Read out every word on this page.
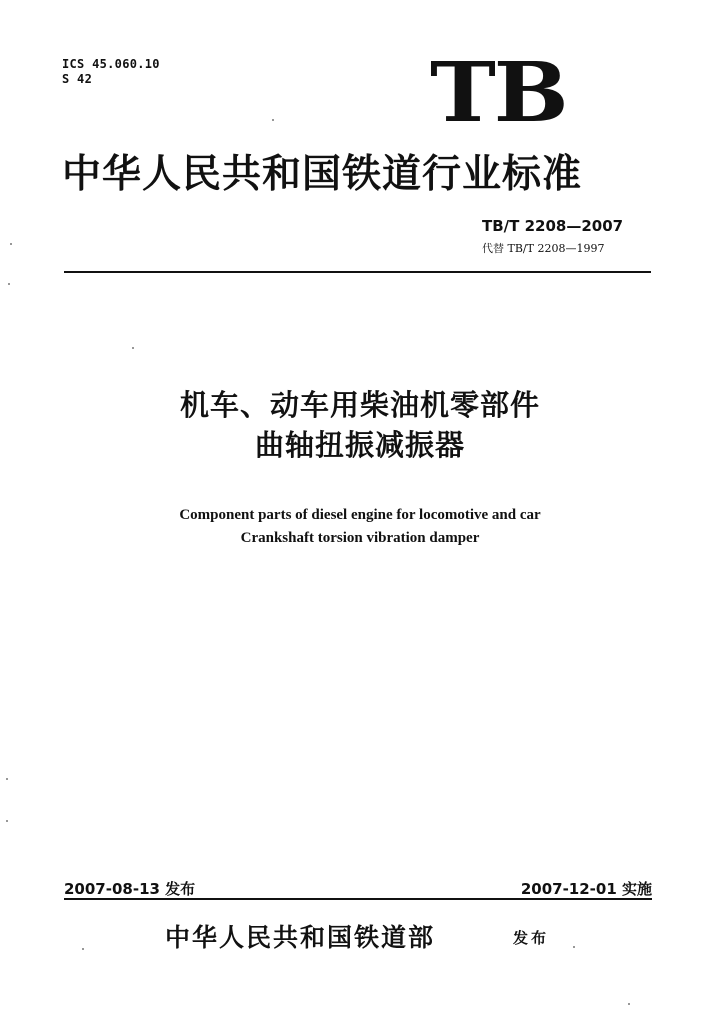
ICS 45.060.10
S 42	TB
中华人民共和国铁道行业标准
TB/T 2208—2007
代替 TB/T 2208—1997
机车、动车用柴油机零部件
曲轴扭振减振器
Component parts of diesel engine for locomotive and car
Crankshaft torsion vibration damper
2007-08-13 发布	2007-12-01 实施
中华人民共和国铁道部	发布
